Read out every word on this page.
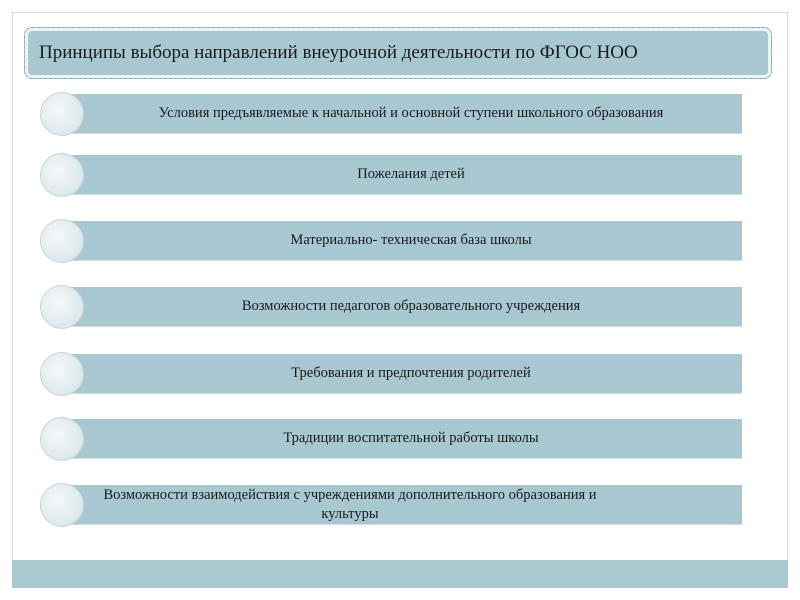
Принципы выбора направлений внеурочной деятельности по ФГОС НОО
Условия предъявляемые к начальной и основной ступени школьного образования
Пожелания детей
Материально- техническая база школы
Возможности педагогов образовательного учреждения
Требования и предпочтения родителей
Традиции воспитательной работы школы
Возможности взаимодействия с учреждениями дополнительного образования и культуры
